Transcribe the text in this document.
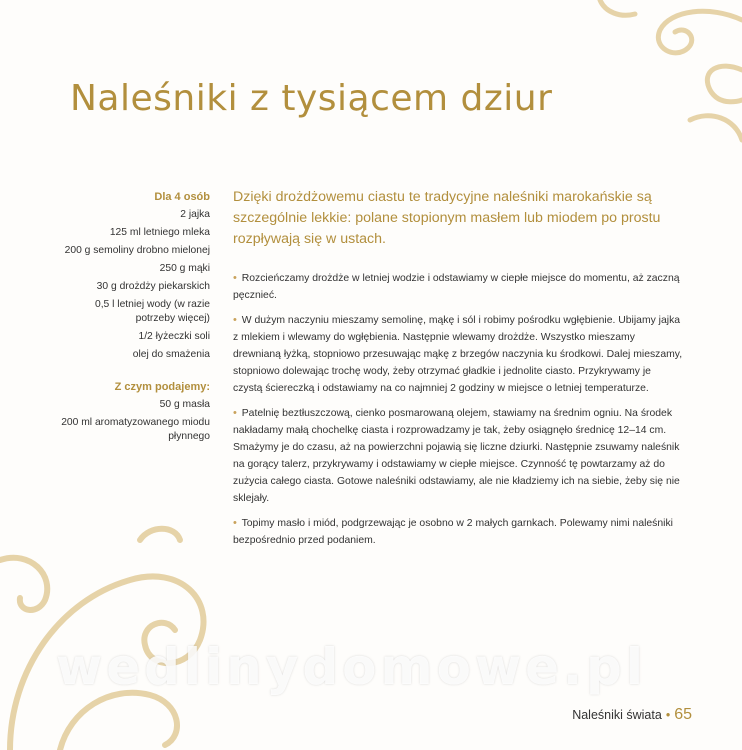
Naleśniki z tysiącem dziur
Dla 4 osób
2 jajka
125 ml letniego mleka
200 g semoliny drobno mielonej
250 g mąki
30 g drożdży piekarskich
0,5 l letniej wody (w razie potrzeby więcej)
1/2 łyżeczki soli
olej do smażenia
Z czym podajemy:
50 g masła
200 ml aromatyzowanego miodu płynnego
Dzięki drożdżowemu ciastu te tradycyjne naleśniki marokańskie są szczególnie lekkie: polane stopionym masłem lub miodem po prostu rozpływają się w ustach.

• Rozcieńczamy drożdże w letniej wodzie i odstawiamy w ciepłe miejsce do momentu, aż zaczną pęcznieć.

• W dużym naczyniu mieszamy semolinę, mąkę i sól i robimy pośrodku wgłębienie. Ubijamy jajka z mlekiem i wlewamy do wgłębienia. Następnie wlewamy drożdże. Wszystko mieszamy drewnianą łyżką, stopniowo przesuwając mąkę z brzegów naczynia ku środkowi. Dalej mieszamy, stopniowo dolewając trochę wody, żeby otrzymać gładkie i jednolite ciasto. Przykrywamy je czystą ściereczką i odstawiamy na co najmniej 2 godziny w miejsce o letniej temperaturze.

• Patelnię beztłuszczową, cienko posmarowaną olejem, stawiamy na średnim ogniu. Na środek nakładamy małą chochelkę ciasta i rozprowadzamy je tak, żeby osiągnęło średnicę 12–14 cm. Smażymy je do czasu, aż na powierzchni pojawią się liczne dziurki. Następnie zsuwamy naleśnik na gorący talerz, przykrywamy i odstawiamy w ciepłe miejsce. Czynność tę powtarzamy aż do zużycia całego ciasta. Gotowe naleśniki odstawiamy, ale nie kładziemy ich na siebie, żeby się nie sklejały.

• Topimy masło i miód, podgrzewając je osobno w 2 małych garnkach. Polewamy nimi naleśniki bezpośrednio przed podaniem.

wedlinydomowe.pl
Naleśniki świata • 65
